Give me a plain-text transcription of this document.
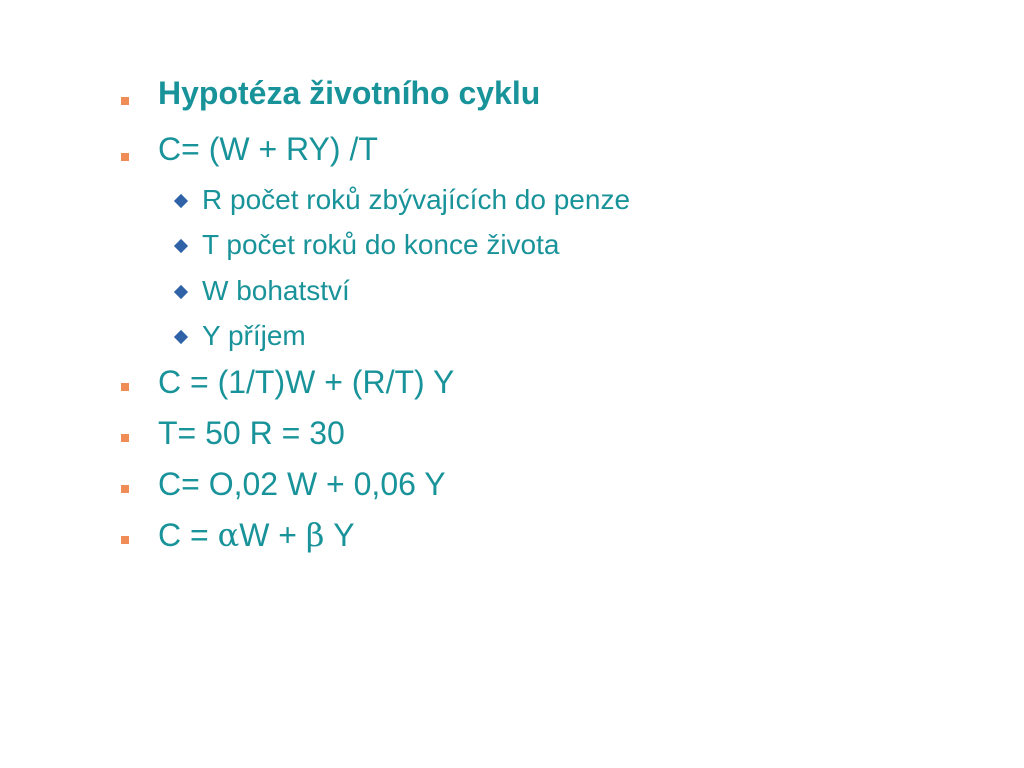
Hypotéza životního cyklu
C= (W + RY) /T
R počet roků zbývajících do penze
T počet roků do konce života
W bohatství
Y příjem
C = (1/T)W + (R/T) Y
T= 50 R = 30
C= O,02 W + 0,06 Y
C = αW + β Y
